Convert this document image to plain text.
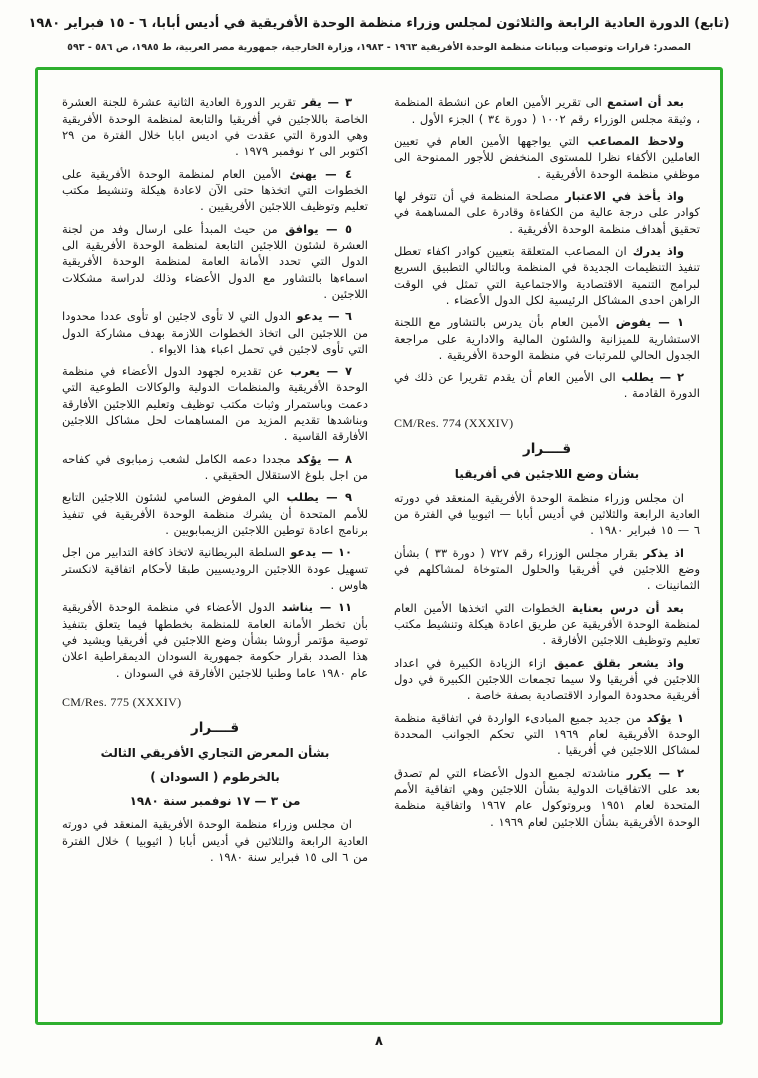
(تابع) الدورة العادية الرابعة والثلاثون لمجلس وزراء منظمة الوحدة الأفريقية في أديس أبابا، ٦ - ١٥ فبراير ١٩٨٠
المصدر: قرارات وتوصيات وبيانات منظمة الوحدة الأفريقية ١٩٦٣ - ١٩٨٣، وزارة الخارجية، جمهورية مصر العربية، ط ١٩٨٥، ص ٥٨٦ - ٥٩٣

بعد أن استمعالى تقرير الأمين العام عن انشطة المنظمة ، وثيقة مجلس الوزراء رقم ١٠٠٢ ( دورة ٣٤ ) الجزء الأول .

ولاحظ المصاعبالتي يواجهها الأمين العام في تعيين العاملين الأكفاء نظرا للمستوى المنخفض للأجور الممنوحة الى موظفي منظمة الوحدة الأفريقية .

واذ يأخذ في الاعتبارمصلحة المنظمة في أن تتوفر لها كوادر على درجة عالية من الكفاءة وقادرة على المساهمة في تحقيق أهداف منظمة الوحدة الأفريقية .

واذ يدركان المصاعب المتعلقة بتعيين كوادر اكفاء تعطل تنفيذ التنظيمات الجديدة في المنظمة وبالتالي التطبيق السريع لبرامج التنمية الاقتصادية والاجتماعية التي تمثل في الوقت الراهن احدى المشاكل الرئيسية لكل الدول الأعضاء .

١ — يفوضالأمين العام بأن يدرس بالتشاور مع اللجنة الاستشارية للميزانية والشئون المالية والادارية على مراجعة الجدول الحالي للمرتبات في منظمة الوحدة الأفريقية .

٢ — يطلبالى الأمين العام أن يقدم تقريرا عن ذلك في الدورة القادمة .

CM/Res. 774 (XXXIV)

قــــرار

بشأن وضع اللاجئين في أفريقيا

ان مجلس وزراء منظمة الوحدة الأفريقية المنعقد في دورته العادية الرابعة والثلاثين في أديس أبابا — اثيوبيا في الفترة من ٦ — ١٥ فبراير ١٩٨٠ .

اذ يذكربقرار مجلس الوزراء رقم ٧٢٧ ( دورة ٣٣ ) بشأن وضع اللاجئين في أفريقيا والحلول المتوخاة لمشاكلهم في الثمانينات .

بعد أن درس بعنايةالخطوات التي اتخذها الأمين العام لمنظمة الوحدة الأفريقية عن طريق اعادة هيكلة وتنشيط مكتب تعليم وتوظيف اللاجئين الأفارقة .

واذ يشعر بقلق عميقازاء الزيادة الكبيرة في اعداد اللاجئين في أفريقيا ولا سيما تجمعات اللاجئين الكبيرة في دول أفريقية محدودة الموارد الاقتصادية بصفة خاصة .

١ يؤكدمن جديد جميع المبادىء الواردة في اتفاقية منظمة الوحدة الأفريقية لعام ١٩٦٩ التي تحكم الجوانب المحددة لمشاكل اللاجئين في أفريقيا .

٢ — يكررمناشدته لجميع الدول الأعضاء التي لم تصدق بعد على الاتفاقيات الدولية بشأن اللاجئين وهي اتفاقية الأمم المتحدة لعام ١٩٥١ وبروتوكول عام ١٩٦٧ واتفاقية منظمة الوحدة الأفريقية بشأن اللاجئين لعام ١٩٦٩ .

٣ — يقرتقرير الدورة العادية الثانية عشرة للجنة العشرة الخاصة باللاجئين في أفريقيا والتابعة لمنظمة الوحدة الأفريقية وهي الدورة التي عقدت في اديس ابابا خلال الفترة من ٢٩ اكتوبر الى ٢ نوفمبر ١٩٧٩ .

٤ — يهنئالأمين العام لمنظمة الوحدة الأفريقية على الخطوات التي اتخذها حتى الآن لاعادة هيكلة وتنشيط مكتب تعليم وتوظيف اللاجئين الأفريقيين .

٥ — يوافقمن حيث المبدأ على ارسال وفد من لجنة العشرة لشئون اللاجئين التابعة لمنظمة الوحدة الأفريقية الى الدول التي تحدد الأمانة العامة لمنظمة الوحدة الأفريقية اسماءها بالتشاور مع الدول الأعضاء وذلك لدراسة مشكلات اللاجئين .

٦ — يدعوالدول التي لا تأوى لاجئين او تأوى عددا محدودا من اللاجئين الى اتخاذ الخطوات اللازمة بهدف مشاركة الدول التي تأوى لاجئين في تحمل اعباء هذا الايواء .

٧ — يعربعن تقديره لجهود الدول الأعضاء في منظمة الوحدة الأفريقية والمنظمات الدولية والوكالات الطوعية التي دعمت وباستمرار وثبات مكتب توظيف وتعليم اللاجئين الأفارقة وبناشدها تقديم المزيد من المساهمات لحل مشاكل اللاجئين الأفارقة القاسية .

٨ — يؤكدمجددا دعمه الكامل لشعب زمبابوى في كفاحه من اجل بلوغ الاستقلال الحقيقي .

٩ — يطلبالي المفوض السامي لشئون اللاجئين التابع للأمم المتحدة أن يشرك منظمة الوحدة الأفريقية في تنفيذ برنامج اعادة توطين اللاجئين الزيمبابويين .

١٠ — يدعوالسلطة البريطانية لاتخاذ كافة التدابير من اجل تسهيل عودة اللاجئين الروديسيين طبقا لأحكام اتفاقية لانكستر هاوس .

١١ — يناشدالدول الأعضاء في منظمة الوحدة الأفريقية بأن تخطر الأمانة العامة للمنظمة بخططها فيما يتعلق بتنفيذ توصية مؤتمر أروشا بشأن وضع اللاجئين في أفريقيا ويشيد في هذا الصدد بقرار حكومة جمهورية السودان الديمقراطية اعلان عام ١٩٨٠ عاما وطنيا للاجئين الأفارقة في السودان .

CM/Res. 775 (XXXIV)

قــــرار

بشأن المعرض التجاري الأفريقي الثالث

بالخرطوم ( السودان )

من ٣ — ١٧ نوفمبر سنة ١٩٨٠

ان مجلس وزراء منظمة الوحدة الأفريقية المنعقد في دورته العادية الرابعة والثلاثين في أديس أبابا ( اثيوبيا ) خلال الفترة من ٦ الى ١٥ فبراير سنة ١٩٨٠ .

٨
